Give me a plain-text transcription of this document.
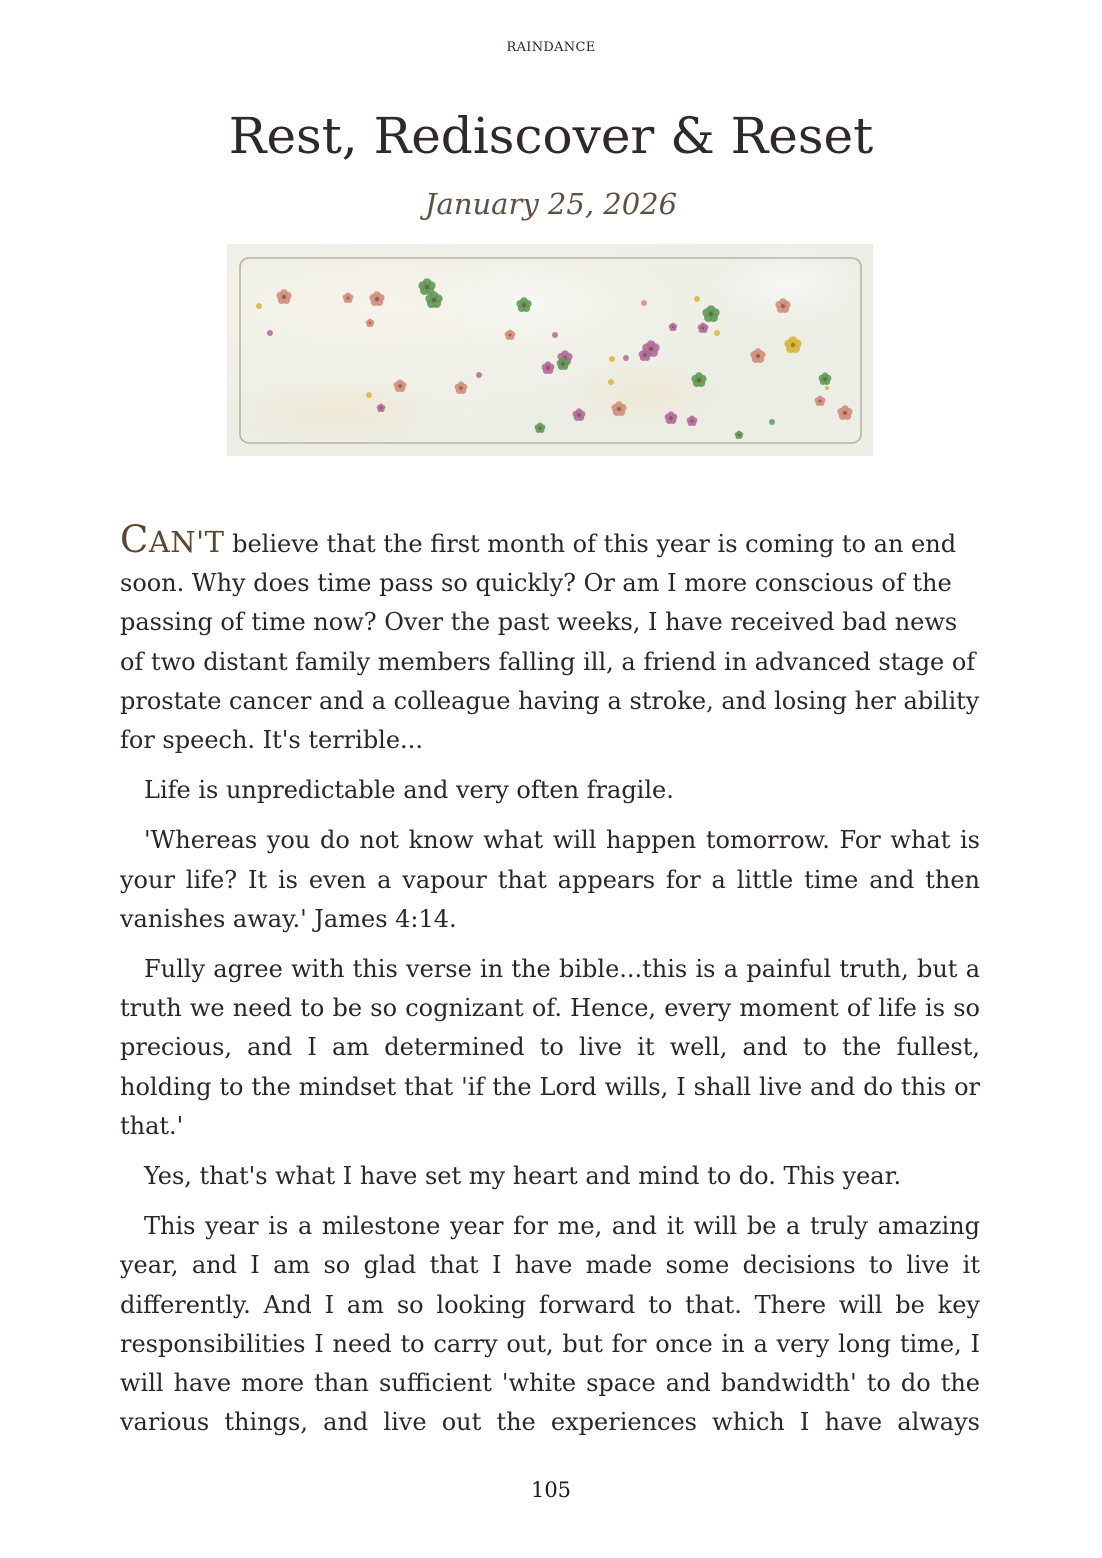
RAINDANCE
Rest, Rediscover & Reset
January 25, 2026

CAN'T believe that the first month of this year is coming to an end soon. Why does time pass so quickly? Or am I more conscious of the passing of time now? Over the past weeks, I have received bad news of two distant family members falling ill, a friend in advanced stage of prostate cancer and a colleague having a stroke, and losing her ability for speech. It's terrible...

Life is unpredictable and very often fragile.

'Whereas you do not know what will happen tomorrow. For what is your life? It is even a vapour that appears for a little time and then vanishes away.' James 4:14.

Fully agree with this verse in the bible...this is a painful truth, but a truth we need to be so cognizant of. Hence, every moment of life is so precious, and I am determined to live it well, and to the fullest, holding to the mindset that 'if the Lord wills, I shall live and do this or that.'

Yes, that's what I have set my heart and mind to do. This year.

This year is a milestone year for me, and it will be a truly amazing year, and I am so glad that I have made some decisions to live it differently. And I am so looking forward to that. There will be key responsibilities I need to carry out, but for once in a very long time, I will have more than sufficient 'white space and bandwidth' to do the various things, and live out the experiences which I have always

105
